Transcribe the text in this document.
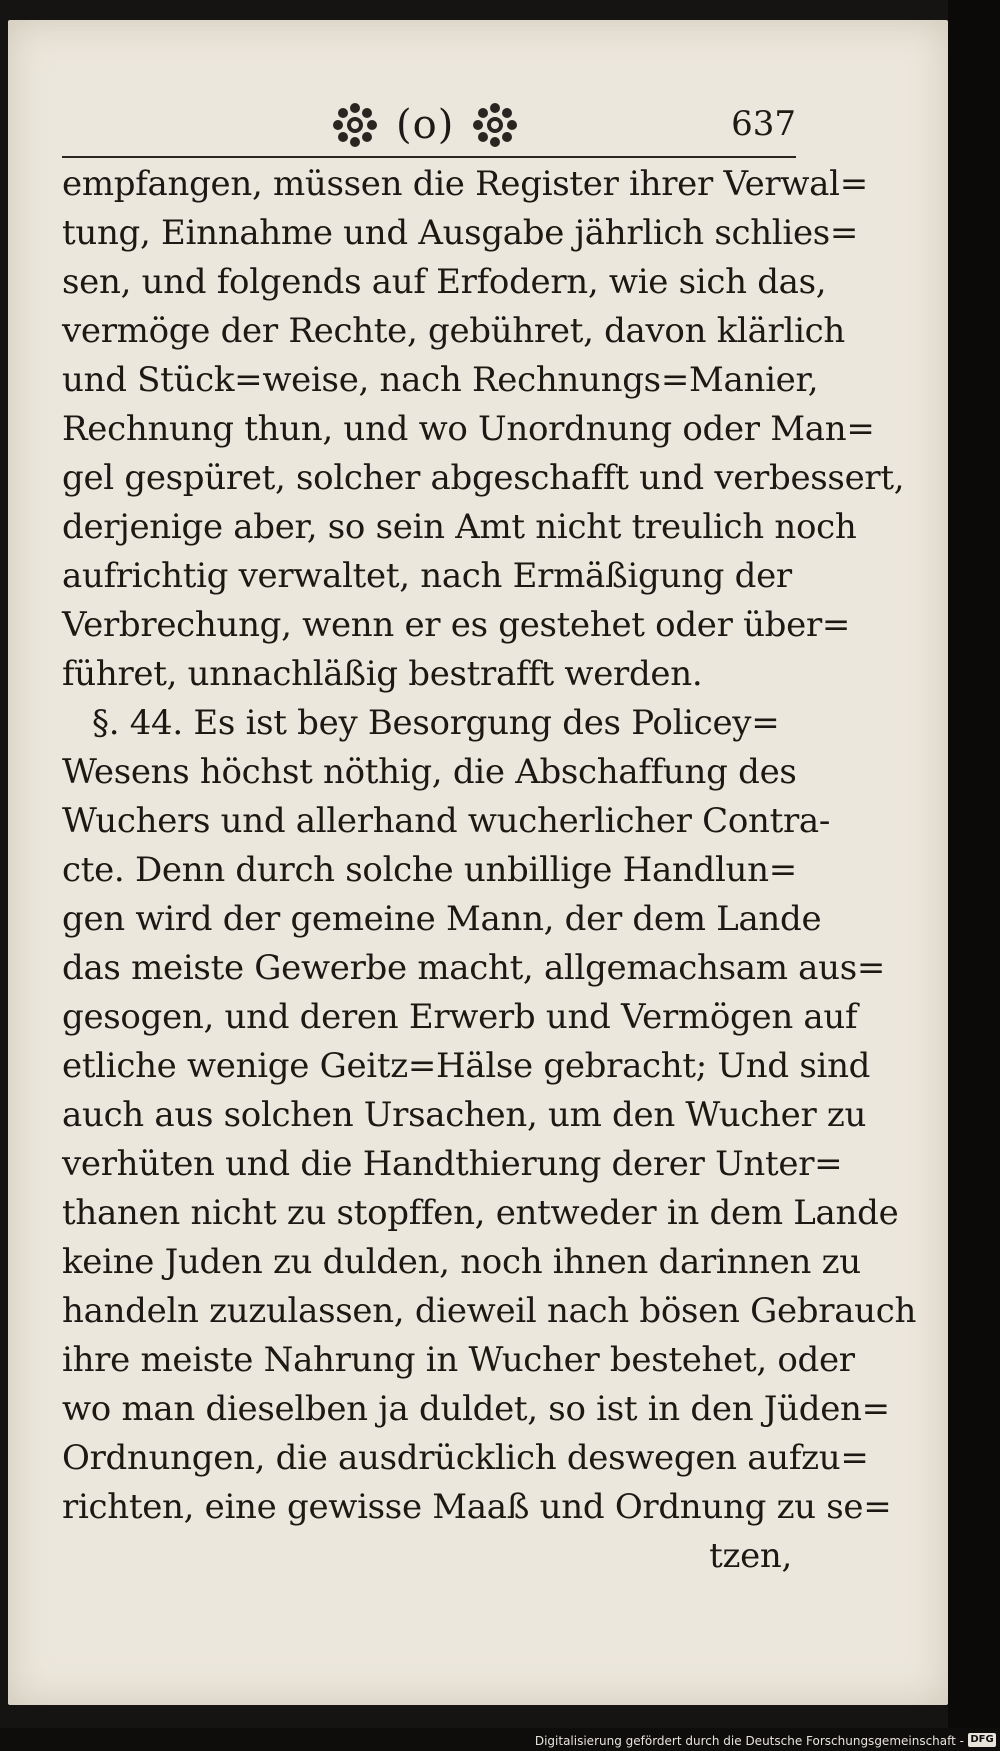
(o)	637
empfangen, müssen die Register ihrer Verwal=
tung, Einnahme und Ausgabe jährlich schlies=
sen, und folgends auf Erfodern, wie sich das,
vermöge der Rechte, gebühret, davon klärlich
und Stück=weise, nach Rechnungs=Manier,
Rechnung thun, und wo Unordnung oder Man=
gel gespüret, solcher abgeschafft und verbessert,
derjenige aber, so sein Amt nicht treulich noch
aufrichtig verwaltet, nach Ermäßigung der
Verbrechung, wenn er es gestehet oder über=
führet, unnachläßig bestrafft werden.
§. 44. Es ist bey Besorgung des Policey=
Wesens höchst nöthig, die Abschaffung des
Wuchers und allerhand wucherlicher Contra-
cte. Denn durch solche unbillige Handlun=
gen wird der gemeine Mann, der dem Lande
das meiste Gewerbe macht, allgemachsam aus=
gesogen, und deren Erwerb und Vermögen auf
etliche wenige Geitz=Hälse gebracht; Und sind
auch aus solchen Ursachen, um den Wucher zu
verhüten und die Handthierung derer Unter=
thanen nicht zu stopffen, entweder in dem Lande
keine Juden zu dulden, noch ihnen darinnen zu
handeln zuzulassen, dieweil nach bösen Gebrauch
ihre meiste Nahrung in Wucher bestehet, oder
wo man dieselben ja duldet, so ist in den Jüden=
Ordnungen, die ausdrücklich deswegen aufzu=
richten, eine gewisse Maaß und Ordnung zu se=
tzen,
Digitalisierung gefördert durch die Deutsche Forschungsgemeinschaft - DFG
